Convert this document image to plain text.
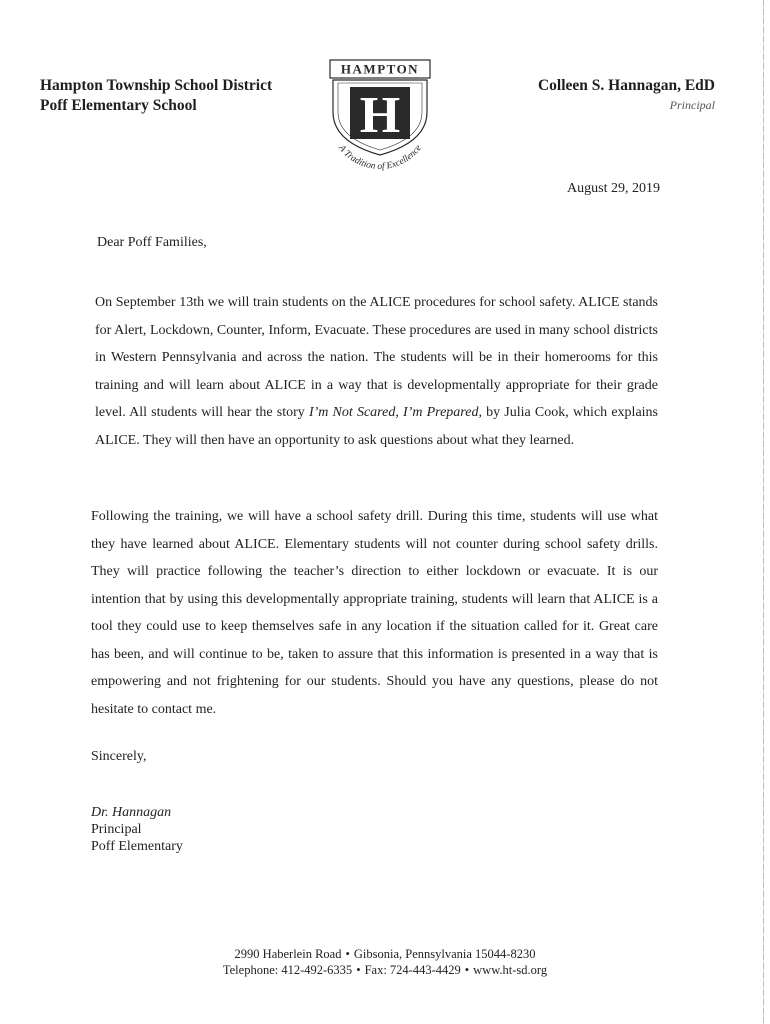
Hampton Township School District
Poff Elementary School
HAMPTON
H
A Tradition of Excellence
Colleen S. Hannagan, EdD
Principal
August 29, 2019
Dear Poff Families,

On September 13th we will train students on the ALICE procedures for school safety. ALICE stands for Alert, Lockdown, Counter, Inform, Evacuate. These procedures are used in many school districts in Western Pennsylvania and across the nation. The students will be in their homerooms for this training and will learn about ALICE in a way that is developmentally appropriate for their grade level. All students will hear the story I’m Not Scared, I’m Prepared, by Julia Cook, which explains ALICE. They will then have an opportunity to ask questions about what they learned.

Following the training, we will have a school safety drill. During this time, students will use what they have learned about ALICE. Elementary students will not counter during school safety drills. They will practice following the teacher’s direction to either lockdown or evacuate. It is our intention that by using this developmentally appropriate training, students will learn that ALICE is a tool they could use to keep themselves safe in any location if the situation called for it. Great care has been, and will continue to be, taken to assure that this information is presented in a way that is empowering and not frightening for our students. Should you have any questions, please do not hesitate to contact me.

Sincerely,
Dr. Hannagan
Principal
Poff Elementary
2990 Haberlein Road • Gibsonia, Pennsylvania 15044-8230
Telephone: 412-492-6335 • Fax: 724-443-4429 • www.ht-sd.org
